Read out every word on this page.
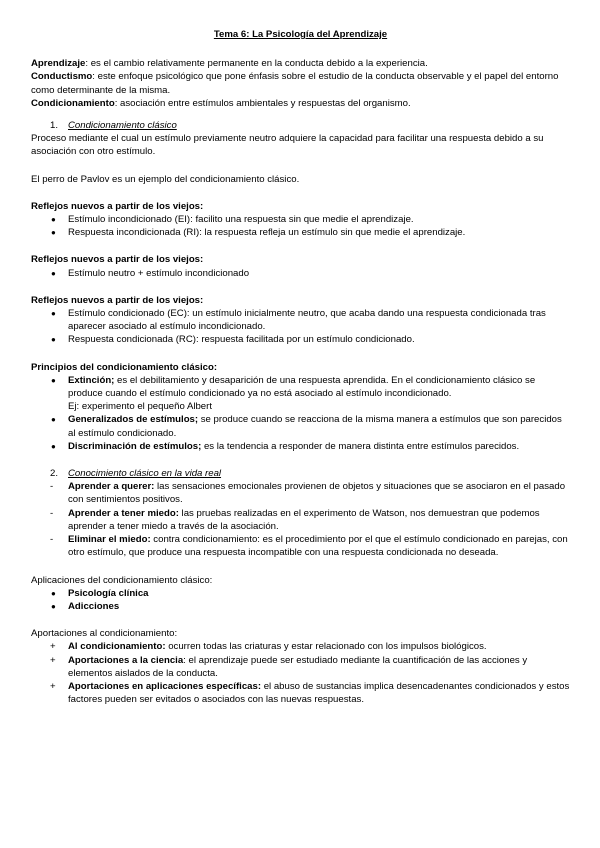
Tema 6: La Psicología del Aprendizaje

Aprendizaje: es el cambio relativamente permanente en la conducta debido a la experiencia.

Conductismo: este enfoque psicológico que pone énfasis sobre el estudio de la conducta observable y el papel del entorno como determinante de la misma.

Condicionamiento: asociación entre estímulos ambientales y respuestas del organismo.

1. Condicionamiento clásico

Proceso mediante el cual un estímulo previamente neutro adquiere la capacidad para facilitar una respuesta debido a su asociación con otro estímulo.

El perro de Pavlov es un ejemplo del condicionamiento clásico.

Reflejos nuevos a partir de los viejos:

● Estímulo incondicionado (EI): facilito una respuesta sin que medie el aprendizaje.
● Respuesta incondicionada (RI): la respuesta refleja un estímulo sin que medie el aprendizaje.

Reflejos nuevos a partir de los viejos:

● Estímulo neutro + estímulo incondicionado

Reflejos nuevos a partir de los viejos:

● Estímulo condicionado (EC): un estímulo inicialmente neutro, que acaba dando una respuesta condicionada tras aparecer asociado al estímulo incondicionado.
● Respuesta condicionada (RC): respuesta facilitada por un estímulo condicionado.

Principios del condicionamiento clásico:

● Extinción; es el debilitamiento y desaparición de una respuesta aprendida. En el condicionamiento clásico se produce cuando el estímulo condicionado ya no está asociado al estímulo incondicionado.
Ej: experimento el pequeño Albert
● Generalizados de estímulos; se produce cuando se reacciona de la misma manera a estímulos que son parecidos al estímulo condicionado.
● Discriminación de estímulos; es la tendencia a responder de manera distinta entre estímulos parecidos.

2. Conocimiento clásico en la vida real

- Aprender a querer: las sensaciones emocionales provienen de objetos y situaciones que se asociaron en el pasado con sentimientos positivos.
- Aprender a tener miedo: las pruebas realizadas en el experimento de Watson, nos demuestran que podemos aprender a tener miedo a través de la asociación.
- Eliminar el miedo: contra condicionamiento: es el procedimiento por el que el estímulo condicionado en parejas, con otro estímulo, que produce una respuesta incompatible con una respuesta condicionada no deseada.

Aplicaciones del condicionamiento clásico:

● Psicología clínica
● Adicciones

Aportaciones al condicionamiento:

+ Al condicionamiento: ocurren todas las criaturas y estar relacionado con los impulsos biológicos.
+ Aportaciones a la ciencia: el aprendizaje puede ser estudiado mediante la cuantificación de las acciones y elementos aislados de la conducta.
+ Aportaciones en aplicaciones específicas: el abuso de sustancias implica desencadenantes condicionados y estos factores pueden ser evitados o asociados con las nuevas respuestas.
